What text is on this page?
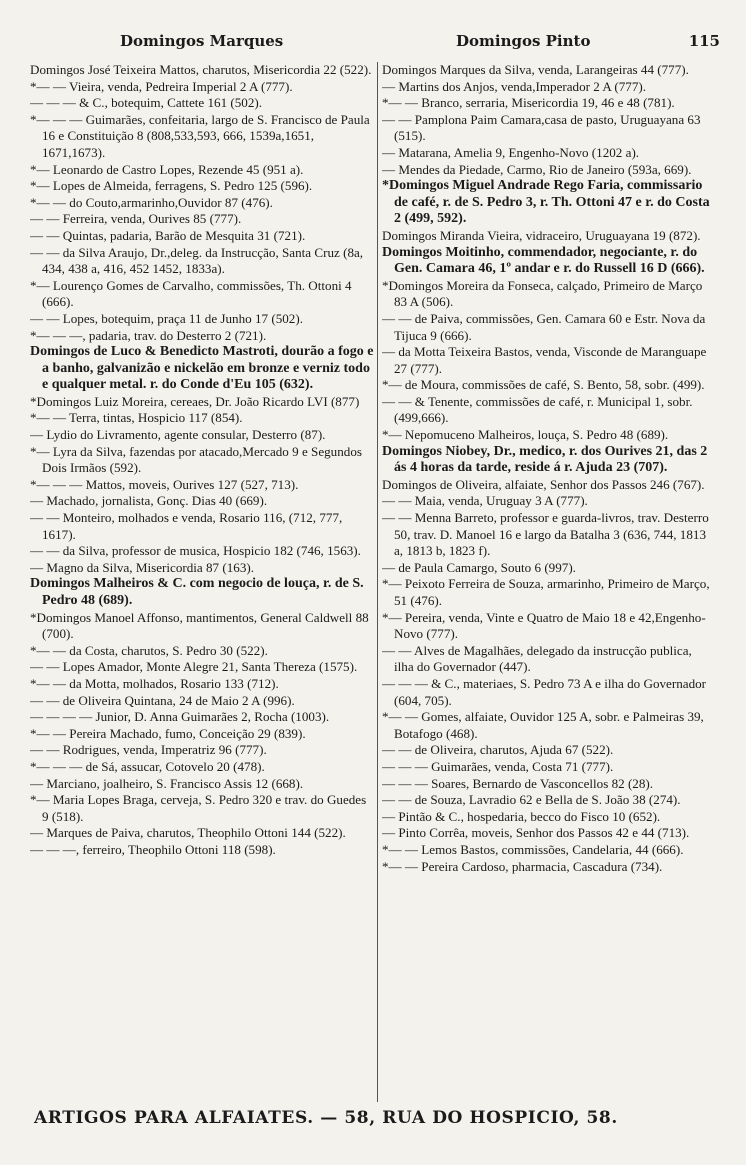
Domingos Marques	Domingos Pinto	115

Domingos José Teixeira Mattos, charutos, Misericordia 22 (522).

*— — Vieira, venda, Pedreira Imperial 2 A (777).

— — — & C., botequim, Cattete 161 (502).

*— — — Guimarães, confeitaria, largo de S. Francisco de Paula 16 e Constituição 8 (808,533,593, 666, 1539a,1651, 1671,1673).

*— Leonardo de Castro Lopes, Rezende 45 (951 a).

*— Lopes de Almeida, ferragens, S. Pedro 125 (596).

*— — do Couto,armarinho,Ouvidor 87 (476).

— — Ferreira, venda, Ourives 85 (777).

— — Quintas, padaria, Barão de Mesquita 31 (721).

— — da Silva Araujo, Dr.,deleg. da Instrucção, Santa Cruz (8a, 434, 438 a, 416, 452 1452, 1833a).

*— Lourenço Gomes de Carvalho, commissões, Th. Ottoni 4 (666).

— — Lopes, botequim, praça 11 de Junho 17 (502).

*— — —, padaria, trav. do Desterro 2 (721).

Domingos de Luco & Benedicto Mastroti, dourão a fogo e a banho, galvanizão e nickelão em bronze e verniz todo e qualquer metal. r. do Conde d'Eu 105 (632).

*Domingos Luiz Moreira, cereaes, Dr. João Ricardo LVI (877)

*— — Terra, tintas, Hospicio 117 (854).

— Lydio do Livramento, agente consular, Desterro (87).

*— Lyra da Silva, fazendas por atacado,Mercado 9 e Segundos Dois Irmãos (592).

*— — — Mattos, moveis, Ourives 127 (527, 713).

— Machado, jornalista, Gonç. Dias 40 (669).

— — Monteiro, molhados e venda, Rosario 116, (712, 777, 1617).

— — da Silva, professor de musica, Hospicio 182 (746, 1563).

— Magno da Silva, Misericordia 87 (163).

Domingos Malheiros & C. com negocio de louça, r. de S. Pedro 48 (689).

*Domingos Manoel Affonso, mantimentos, General Caldwell 88 (700).

*— — da Costa, charutos, S. Pedro 30 (522).

— — Lopes Amador, Monte Alegre 21, Santa Thereza (1575).

*— — da Motta, molhados, Rosario 133 (712).

— — de Oliveira Quintana, 24 de Maio 2 A (996).

— — — — Junior, D. Anna Guimarães 2, Rocha (1003).

*— — Pereira Machado, fumo, Conceição 29 (839).

— — Rodrigues, venda, Imperatriz 96 (777).

*— — — de Sá, assucar, Cotovelo 20 (478).

— Marciano, joalheiro, S. Francisco Assis 12 (668).

*— Maria Lopes Braga, cerveja, S. Pedro 320 e trav. do Guedes 9 (518).

— Marques de Paiva, charutos, Theophilo Ottoni 144 (522).

— — —, ferreiro, Theophilo Ottoni 118 (598).

Domingos Marques da Silva, venda, Larangeiras 44 (777).

— Martins dos Anjos, venda,Imperador 2 A (777).

*— — Branco, serraria, Misericordia 19, 46 e 48 (781).

— — Pamplona Paim Camara,casa de pasto, Uruguayana 63 (515).

— Matarana, Amelia 9, Engenho-Novo (1202 a).

— Mendes da Piedade, Carmo, Rio de Janeiro (593a, 669).

*Domingos Miguel Andrade Rego Faria, commissario de café, r. de S. Pedro 3, r. Th. Ottoni 47 e r. do Costa 2 (499, 592).

Domingos Miranda Vieira, vidraceiro, Uruguayana 19 (872).

Domingos Moitinho, commendador, negociante, r. do Gen. Camara 46, 1º andar e r. do Russell 16 D (666).

*Domingos Moreira da Fonseca, calçado, Primeiro de Março 83 A (506).

— — de Paiva, commissões, Gen. Camara 60 e Estr. Nova da Tijuca 9 (666).

— da Motta Teixeira Bastos, venda, Visconde de Maranguape 27 (777).

*— de Moura, commissões de café, S. Bento, 58, sobr. (499).

— — & Tenente, commissões de café, r. Municipal 1, sobr. (499,666).

*— Nepomuceno Malheiros, louça, S. Pedro 48 (689).

Domingos Niobey, Dr., medico, r. dos Ourives 21, das 2 ás 4 horas da tarde, reside á r. Ajuda 23 (707).

Domingos de Oliveira, alfaiate, Senhor dos Passos 246 (767).

— — Maia, venda, Uruguay 3 A (777).

— — Menna Barreto, professor e guarda-livros, trav. Desterro 50, trav. D. Manoel 16 e largo da Batalha 3 (636, 744, 1813 a, 1813 b, 1823 f).

— de Paula Camargo, Souto 6 (997).

*— Peixoto Ferreira de Souza, armarinho, Primeiro de Março, 51 (476).

*— Pereira, venda, Vinte e Quatro de Maio 18 e 42,Engenho-Novo (777).

— — Alves de Magalhães, delegado da instrucção publica, ilha do Governador (447).

— — — & C., materiaes, S. Pedro 73 A e ilha do Governador (604, 705).

*— — Gomes, alfaiate, Ouvidor 125 A, sobr. e Palmeiras 39, Botafogo (468).

— — de Oliveira, charutos, Ajuda 67 (522).

— — — Guimarães, venda, Costa 71 (777).

— — — Soares, Bernardo de Vasconcellos 82 (28).

— — de Souza, Lavradio 62 e Bella de S. João 38 (274).

— Pintão & C., hospedaria, becco do Fisco 10 (652).

— Pinto Corrêa, moveis, Senhor dos Passos 42 e 44 (713).

*— — Lemos Bastos, commissões, Candelaria, 44 (666).

*— — Pereira Cardoso, pharmacia, Cascadura (734).

ARTIGOS PARA ALFAIATES. — 58, RUA DO HOSPICIO, 58.
